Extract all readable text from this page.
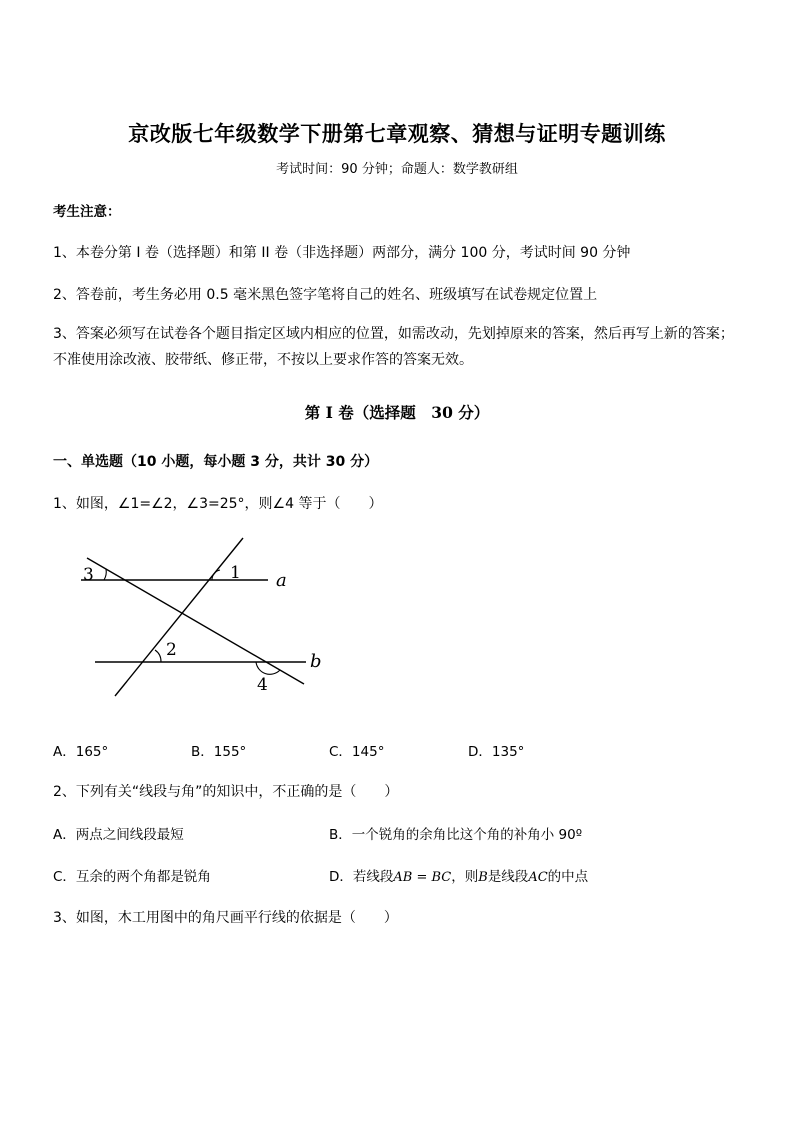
京改版七年级数学下册第七章观察、猜想与证明专题训练
考试时间：90 分钟；命题人：数学教研组
考生注意：
1、本卷分第 I 卷（选择题）和第 II 卷（非选择题）两部分，满分 100 分，考试时间 90 分钟
2、答卷前，考生务必用 0.5 毫米黑色签字笔将自己的姓名、班级填写在试卷规定位置上
3、答案必须写在试卷各个题目指定区域内相应的位置，如需改动，先划掉原来的答案，然后再写上新的答案；不准使用涂改液、胶带纸、修正带，不按以上要求作答的答案无效。
第 I 卷（选择题　30 分）
一、单选题（10 小题，每小题 3 分，共计 30 分）
1、如图，∠1=∠2，∠3=25°，则∠4 等于（　　）
3	1
2
4
a
b
A．165°	B．155°	C．145°	D．135°
2、下列有关“线段与角”的知识中，不正确的是（　　）
A．两点之间线段最短	B．一个锐角的余角比这个角的补角小 90º
C．互余的两个角都是锐角	D．若线段AB = BC，则B是线段AC的中点
3、如图，木工用图中的角尺画平行线的依据是（　　）
